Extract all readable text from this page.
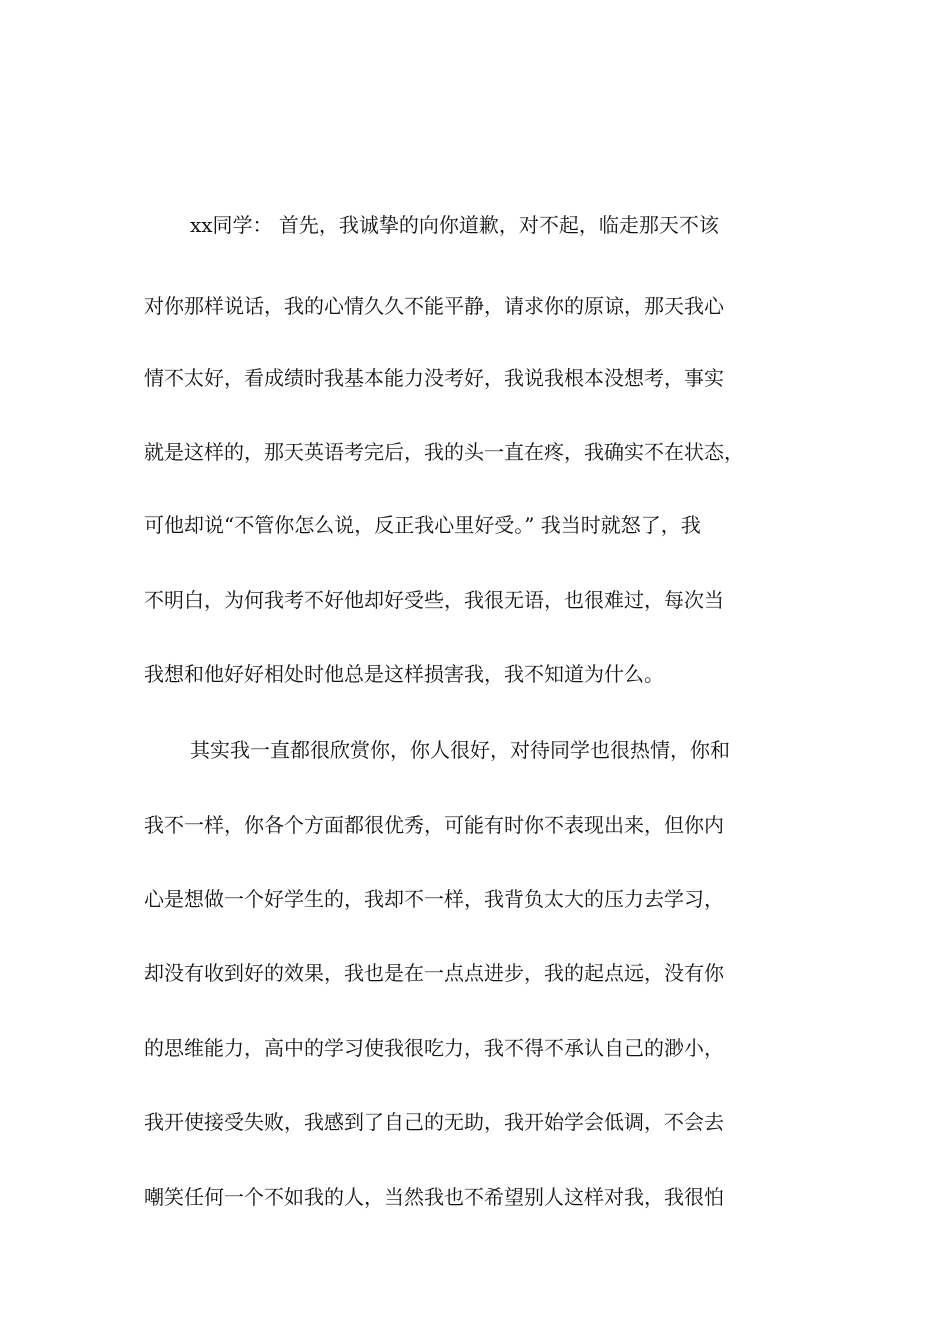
xx同学： 首先，我诚挚的向你道歉，对不起，临走那天不该
对你那样说话，我的心情久久不能平静，请求你的原谅，那天我心
情不太好，看成绩时我基本能力没考好，我说我根本没想考，事实
就是这样的，那天英语考完后，我的头一直在疼，我确实不在状态，
可他却说“不管你怎么说，反正我心里好受。” 我当时就怒了，我
不明白，为何我考不好他却好受些，我很无语，也很难过，每次当
我想和他好好相处时他总是这样损害我，我不知道为什么。
其实我一直都很欣赏你，你人很好，对待同学也很热情，你和
我不一样，你各个方面都很优秀，可能有时你不表现出来，但你内
心是想做一个好学生的，我却不一样，我背负太大的压力去学习，
却没有收到好的效果，我也是在一点点进步，我的起点远，没有你
的思维能力，高中的学习使我很吃力，我不得不承认自己的渺小，
我开使接受失败，我感到了自己的无助，我开始学会低调，不会去
嘲笑任何一个不如我的人，当然我也不希望别人这样对我，我很怕
